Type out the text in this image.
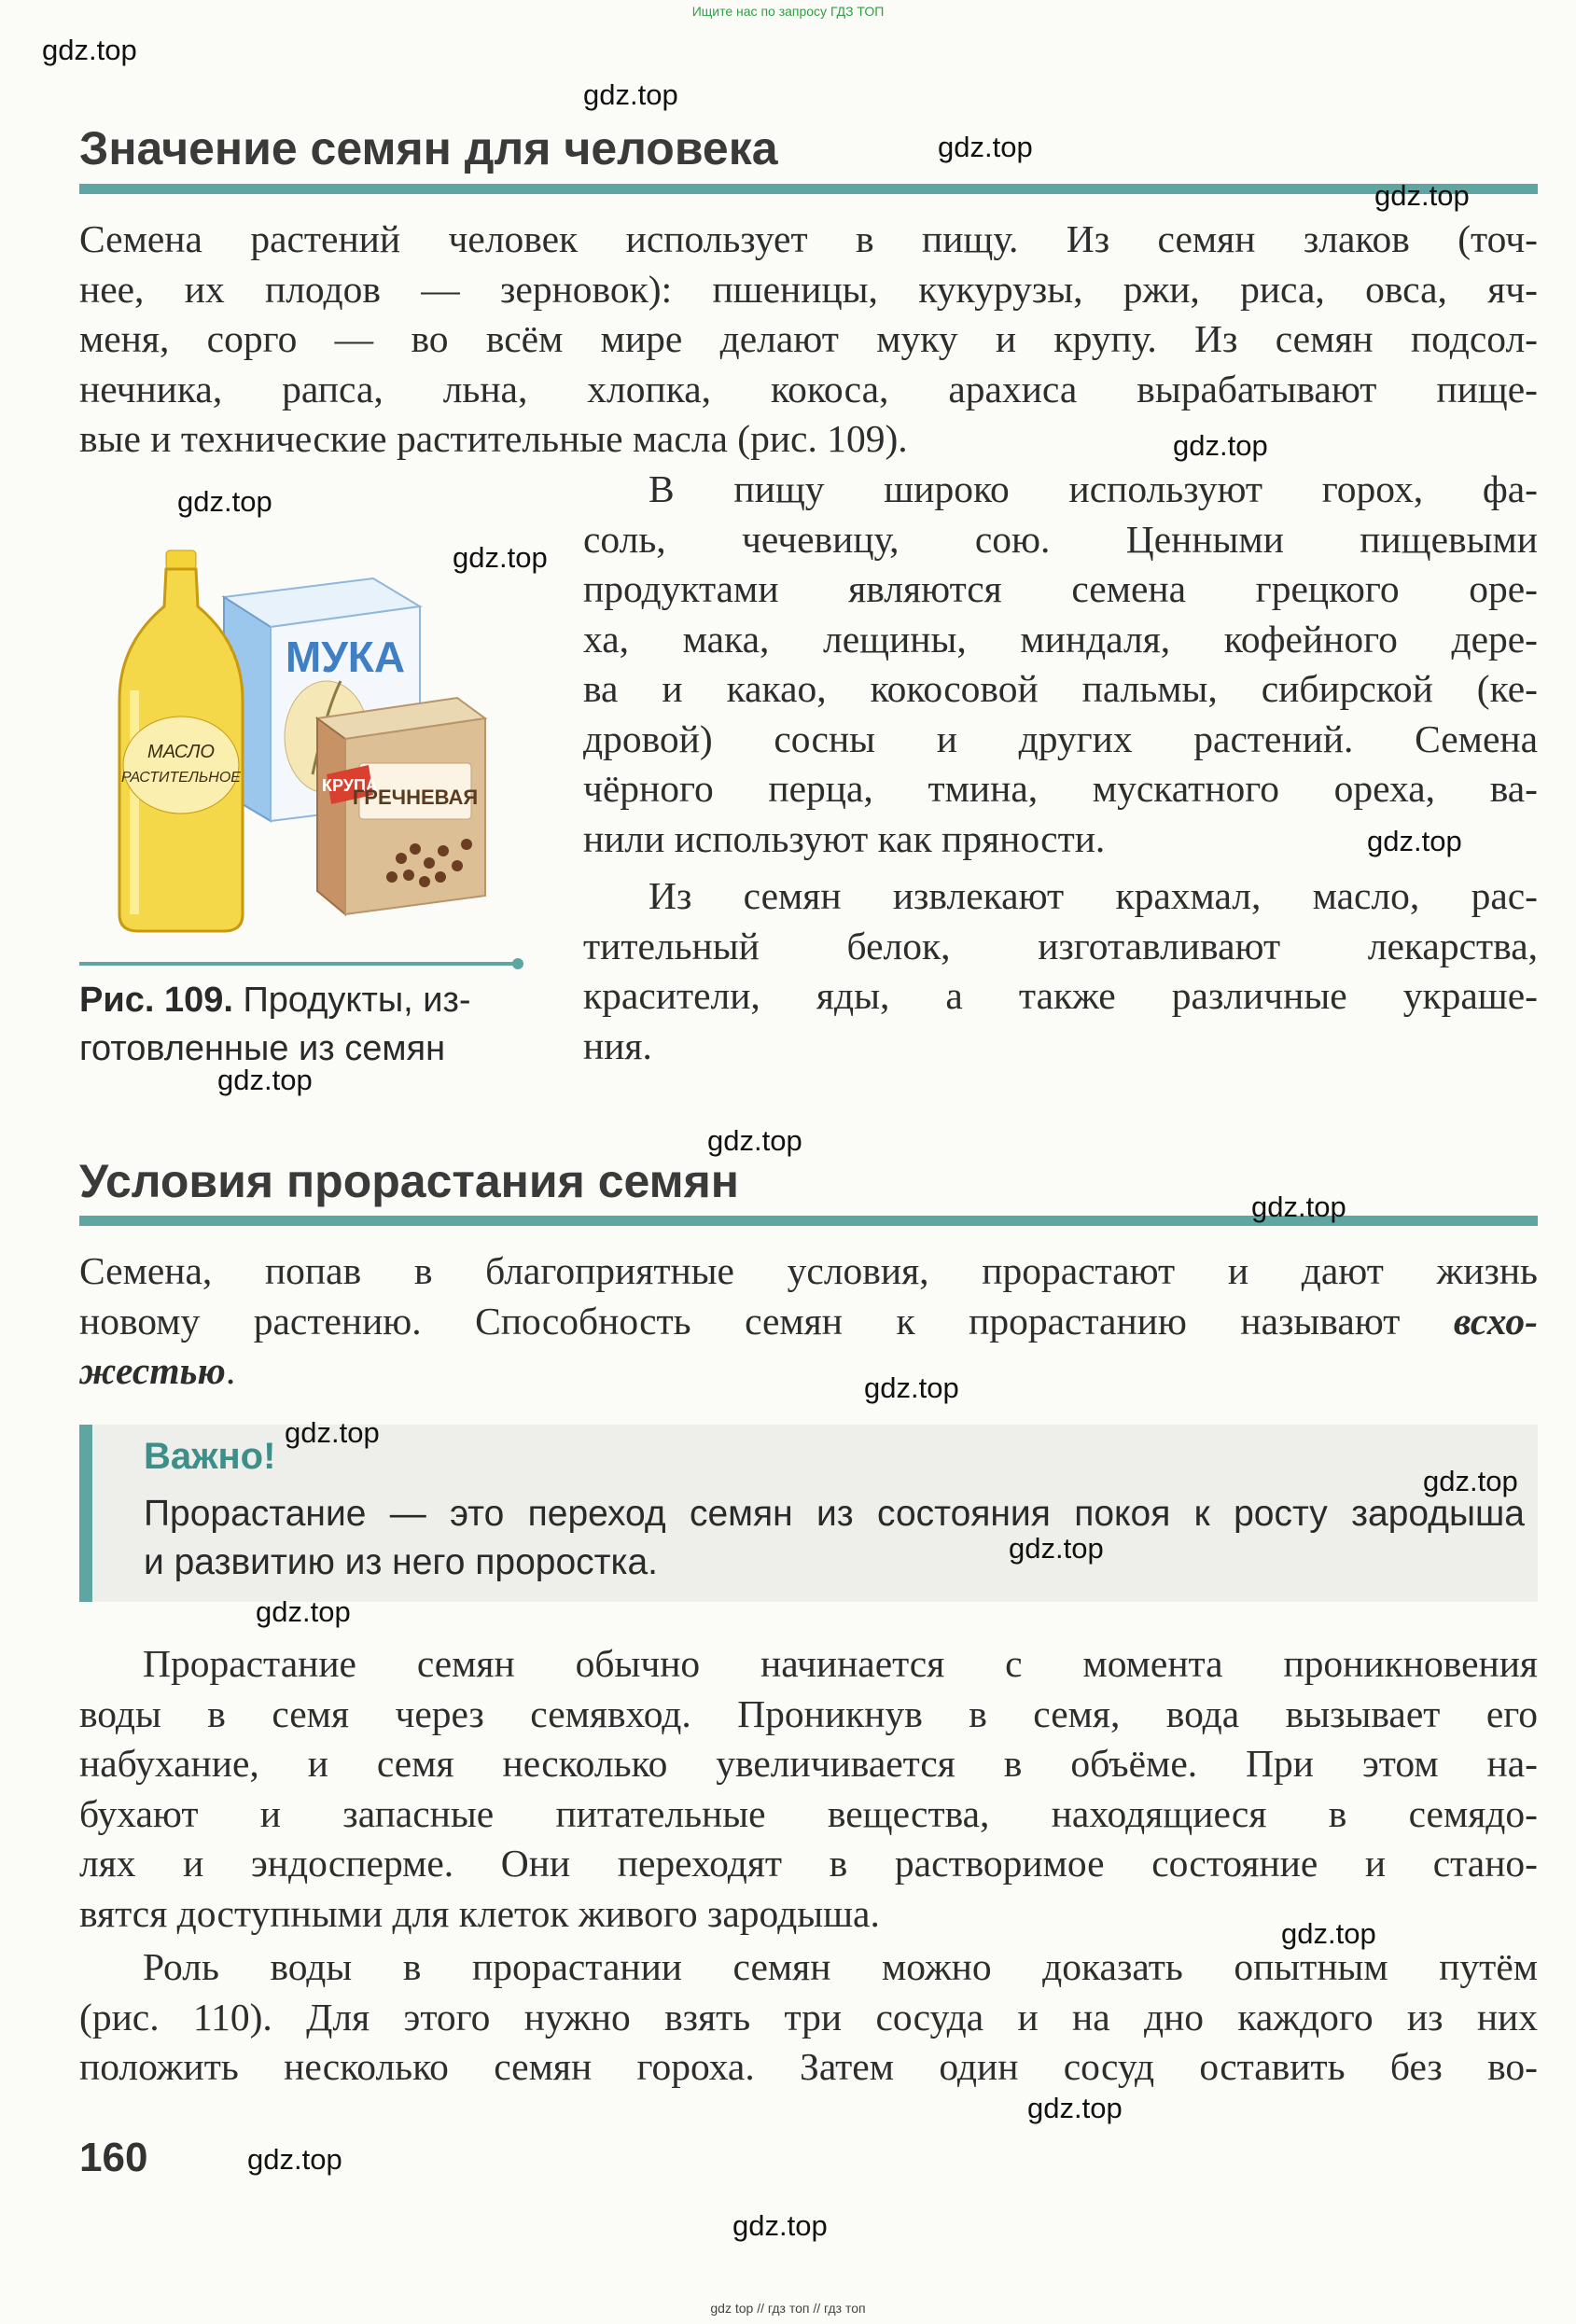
Ищите нас по запросу ГДЗ ТОП
Значение семян для человека
Семена растений человек использует в пищу. Из семян злаков (точ-
нее, их плодов — зерновок): пшеницы, кукурузы, ржи, риса, овса, яч-
меня, сорго — во всём мире делают муку и крупу. Из семян подсол-
нечника, рапса, льна, хлопка, кокоса, арахиса вырабатывают пище-
вые и технические растительные масла (рис. 109).
В пищу широко используют горох, фа-
соль, чечевицу, сою. Ценными пищевыми
продуктами являются семена грецкого оре-
ха, мака, лещины, миндаля, кофейного дере-
ва и какао, кокосовой пальмы, сибирской (ке-
дровой) сосны и других растений. Семена
чёрного перца, тмина, мускатного ореха, ва-
нили используют как пряности.
Из семян извлекают крахмал, масло, рас-
тительный белок, изготавливают лекарства,
красители, яды, а также различные украше-
ния.
МУКА
КРУПА
ГРЕЧНЕВАЯ
МАСЛО
РАСТИТЕЛЬНОЕ
Рис. 109. Продукты, из-
готовленные из семян
Условия прорастания семян
Семена, попав в благоприятные условия, прорастают и дают жизнь
новому растению. Способность семян к прорастанию называют всхо-
жестью.
Важно!
Прорастание — это переход семян из состояния покоя к росту зародыша
и развитию из него проростка.
Прорастание семян обычно начинается с момента проникновения
воды в семя через семявход. Проникнув в семя, вода вызывает его
набухание, и семя несколько увеличивается в объёме. При этом на-
бухают и запасные питательные вещества, находящиеся в семядо-
лях и эндосперме. Они переходят в растворимое состояние и стано-
вятся доступными для клеток живого зародыша.
Роль воды в прорастании семян можно доказать опытным путём
(рис. 110). Для этого нужно взять три сосуда и на дно каждого из них
положить несколько семян гороха. Затем один сосуд оставить без во-
160
gdz.top
gdz.top
gdz.top
gdz.top
gdz.top
gdz.top
gdz.top
gdz.top
gdz.top
gdz.top
gdz.top
gdz.top
gdz.top
gdz.top
gdz.top
gdz.top
gdz.top
gdz.top
gdz.top
gdz.top
gdz top // гдз топ // гдз топ
